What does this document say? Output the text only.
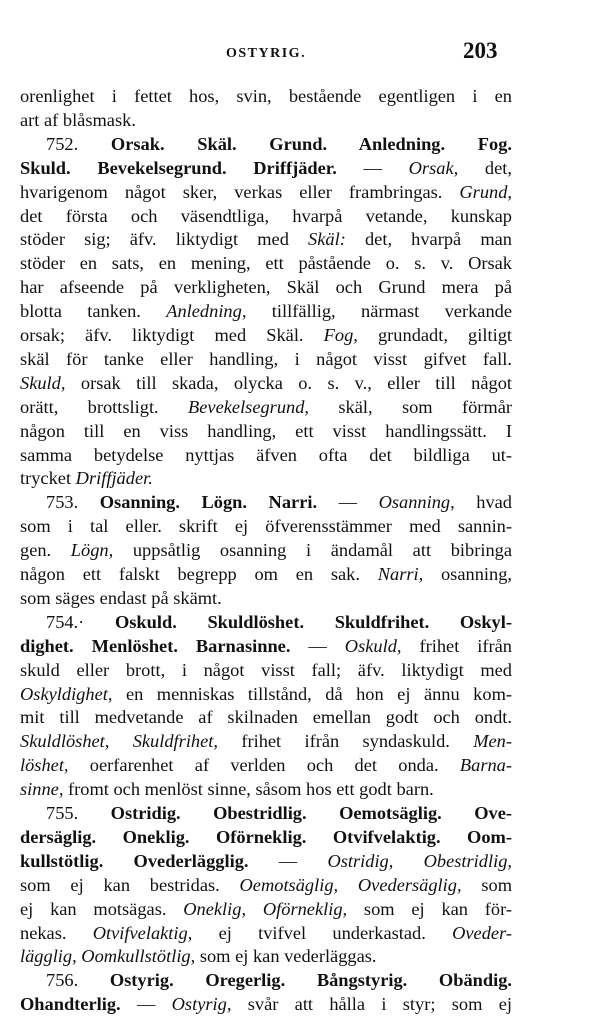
OSTYRIG.	203
orenlighet i fettet hos, svin, bestående egentligen i en
art af blåsmask.
752. Orsak. Skäl. Grund. Anledning. Fog.
Skuld. Bevekelsegrund. Driffjäder. — Orsak, det,
hvarigenom något sker, verkas eller frambringas. Grund,
det första och väsendtliga, hvarpå vetande, kunskap
stöder sig; äfv. liktydigt med Skäl: det, hvarpå man
stöder en sats, en mening, ett påstående o. s. v. Orsak
har afseende på verkligheten, Skäl och Grund mera på
blotta tanken. Anledning, tillfällig, närmast verkande
orsak; äfv. liktydigt med Skäl. Fog, grundadt, giltigt
skäl för tanke eller handling, i något visst gifvet fall.
Skuld, orsak till skada, olycka o. s. v., eller till något
orätt, brottsligt. Bevekelsegrund, skäl, som förmår
någon till en viss handling, ett visst handlingssätt. I
samma betydelse nyttjas äfven ofta det bildliga ut-
trycket Driffjäder.
753. Osanning. Lögn. Narri. — Osanning, hvad
som i tal eller. skrift ej öfverensstämmer med sannin-
gen. Lögn, uppsåtlig osanning i ändamål att bibringa
någon ett falskt begrepp om en sak. Narri, osanning,
som säges endast på skämt.
754.· Oskuld. Skuldlöshet. Skuldfrihet. Oskyl-
dighet. Menlöshet. Barnasinne. — Oskuld, frihet ifrån
skuld eller brott, i något visst fall; äfv. liktydigt med
Oskyldighet, en menniskas tillstånd, då hon ej ännu kom-
mit till medvetande af skilnaden emellan godt och ondt.
Skuldlöshet, Skuldfrihet, frihet ifrån syndaskuld. Men-
löshet, oerfarenhet af verlden och det onda. Barna-
sinne, fromt och menlöst sinne, såsom hos ett godt barn.
755. Ostridig. Obestridlig. Oemotsäglig. Ove-
dersäglig. Oneklig. Oförneklig. Otvifvelaktig. Oom-
kullstötlig. Ovederlägglig. — Ostridig, Obestridlig,
som ej kan bestridas. Oemotsäglig, Ovedersäglig, som
ej kan motsägas. Oneklig, Oförneklig, som ej kan för-
nekas. Otvifvelaktig, ej tvifvel underkastad. Oveder-
lägglig, Oomkullstötlig, som ej kan vederläggas.
756. Ostyrig. Oregerlig. Bångstyrig. Obändig.
Ohandterlig. — Ostyrig, svår att hålla i styr; som ej
